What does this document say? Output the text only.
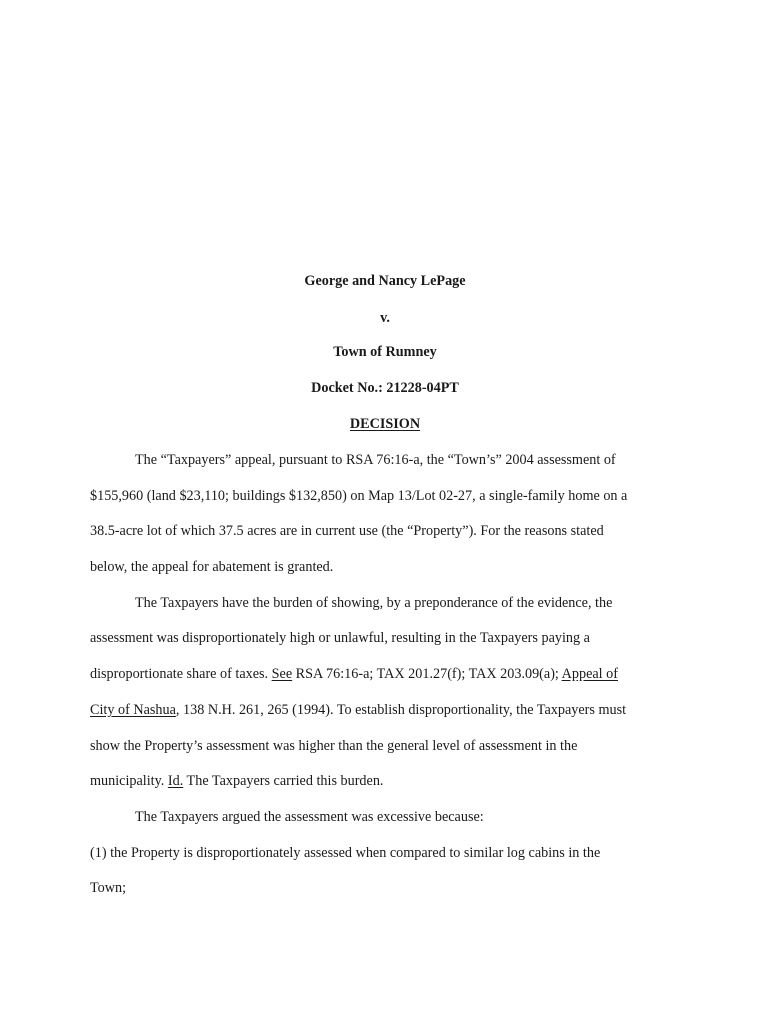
George and Nancy LePage
v.
Town of Rumney
Docket No.: 21228-04PT
DECISION
The “Taxpayers” appeal, pursuant to RSA 76:16-a, the “Town’s” 2004 assessment of
$155,960 (land $23,110; buildings $132,850) on Map 13/Lot 02-27, a single-family home on a
38.5-acre lot of which 37.5 acres are in current use (the “Property”). For the reasons stated
below, the appeal for abatement is granted.
The Taxpayers have the burden of showing, by a preponderance of the evidence, the
assessment was disproportionately high or unlawful, resulting in the Taxpayers paying a
disproportionate share of taxes. See RSA 76:16-a; TAX 201.27(f); TAX 203.09(a); Appeal of
City of Nashua, 138 N.H. 261, 265 (1994). To establish disproportionality, the Taxpayers must
show the Property’s assessment was higher than the general level of assessment in the
municipality. Id. The Taxpayers carried this burden.
The Taxpayers argued the assessment was excessive because:
(1) the Property is disproportionately assessed when compared to similar log cabins in the
Town;
